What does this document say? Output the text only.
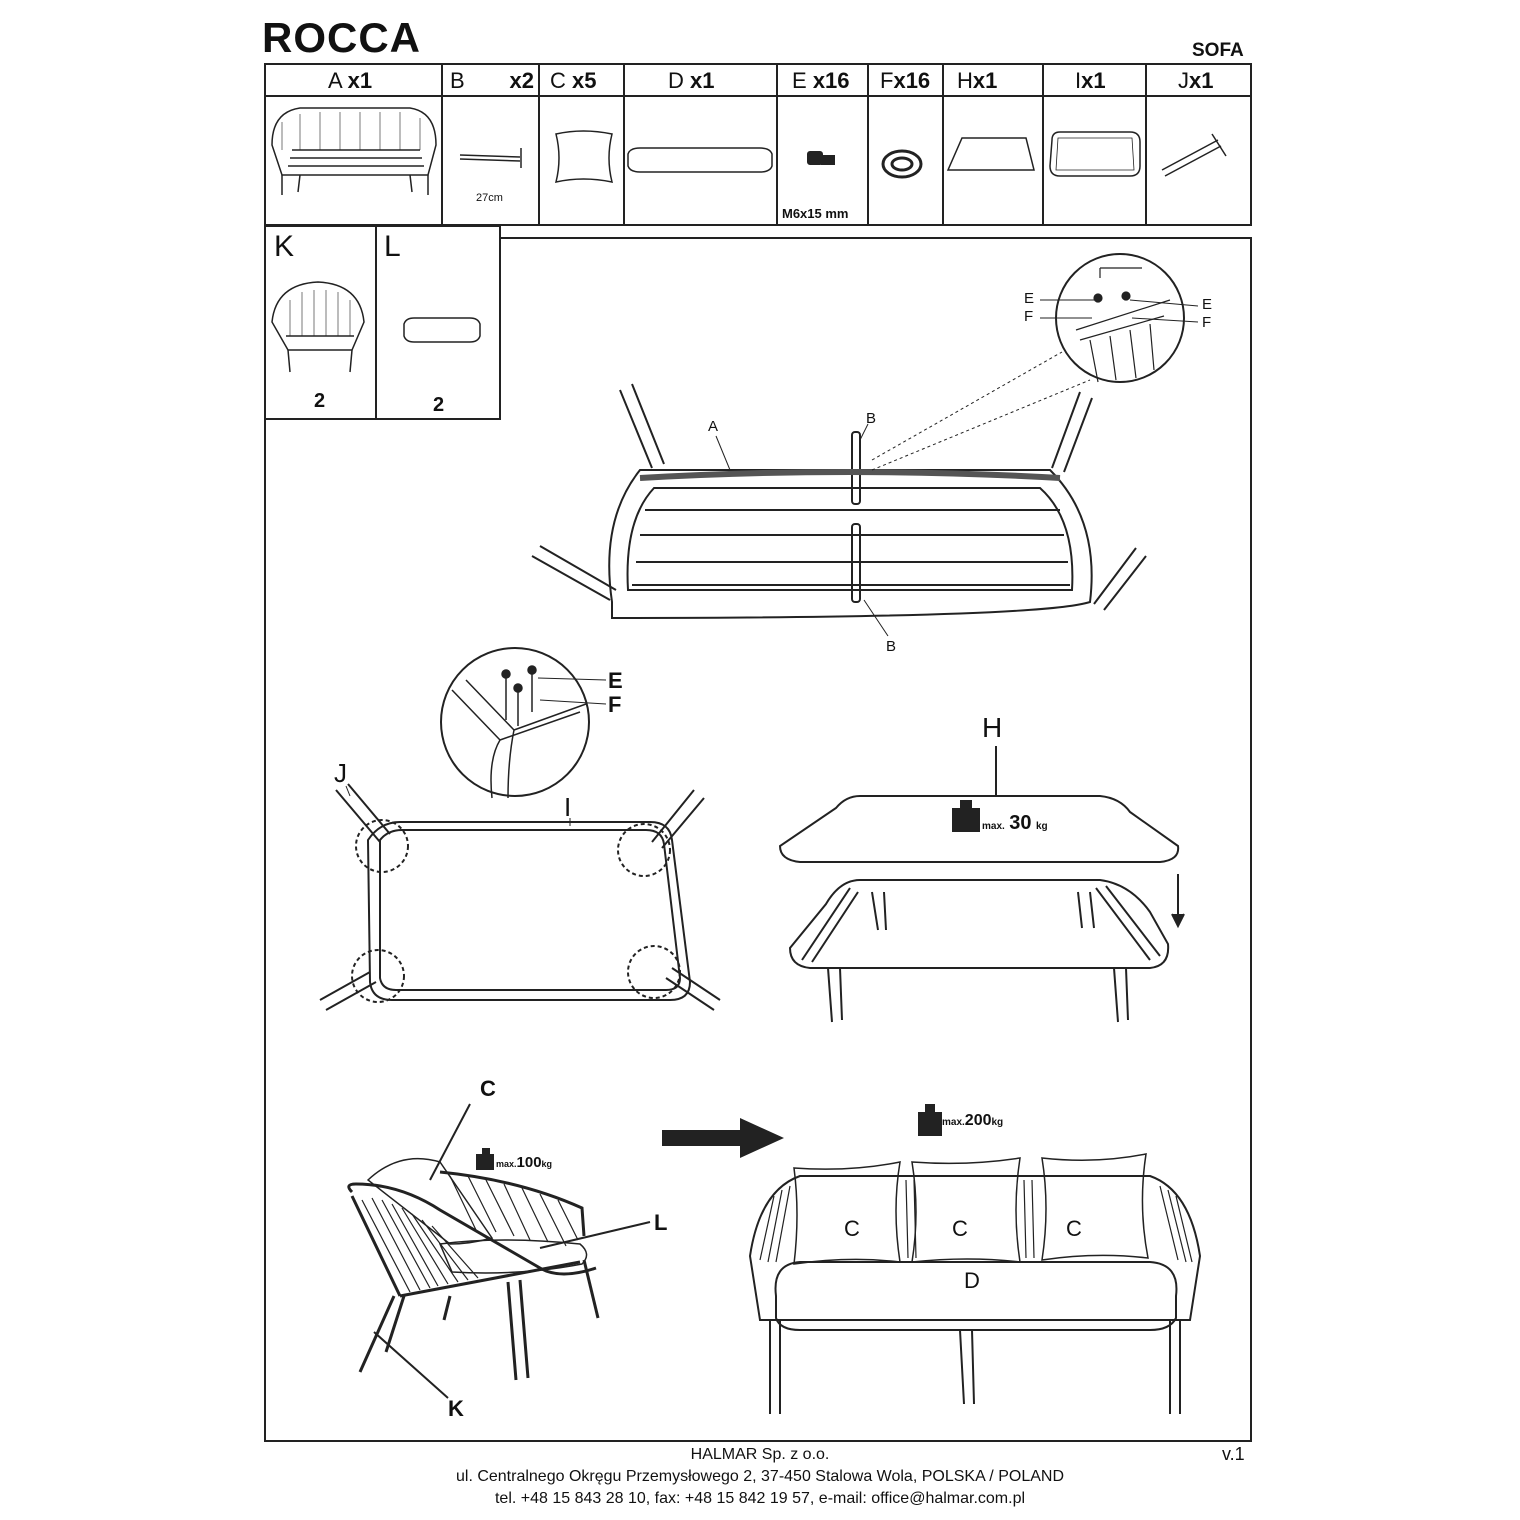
ROCCA	SOFA
A x1	B x2 C x5	D x1	E x16 Fx16 Hx1	Ix1	Jx1
27cm
M6x15 mm
K	L
2	2
A	B
B
E
F
E
F
J
I
E
F
H
max. 30 kg
C
L
K
max.100kg
C	C	C
D
max.200kg
v.1
HALMAR Sp. z o.o.
ul. Centralnego Okręgu Przemysłowego 2, 37-450 Stalowa Wola, POLSKA / POLAND
tel. +48 15 843 28 10, fax: +48 15 842 19 57, e-mail: office@halmar.com.pl
